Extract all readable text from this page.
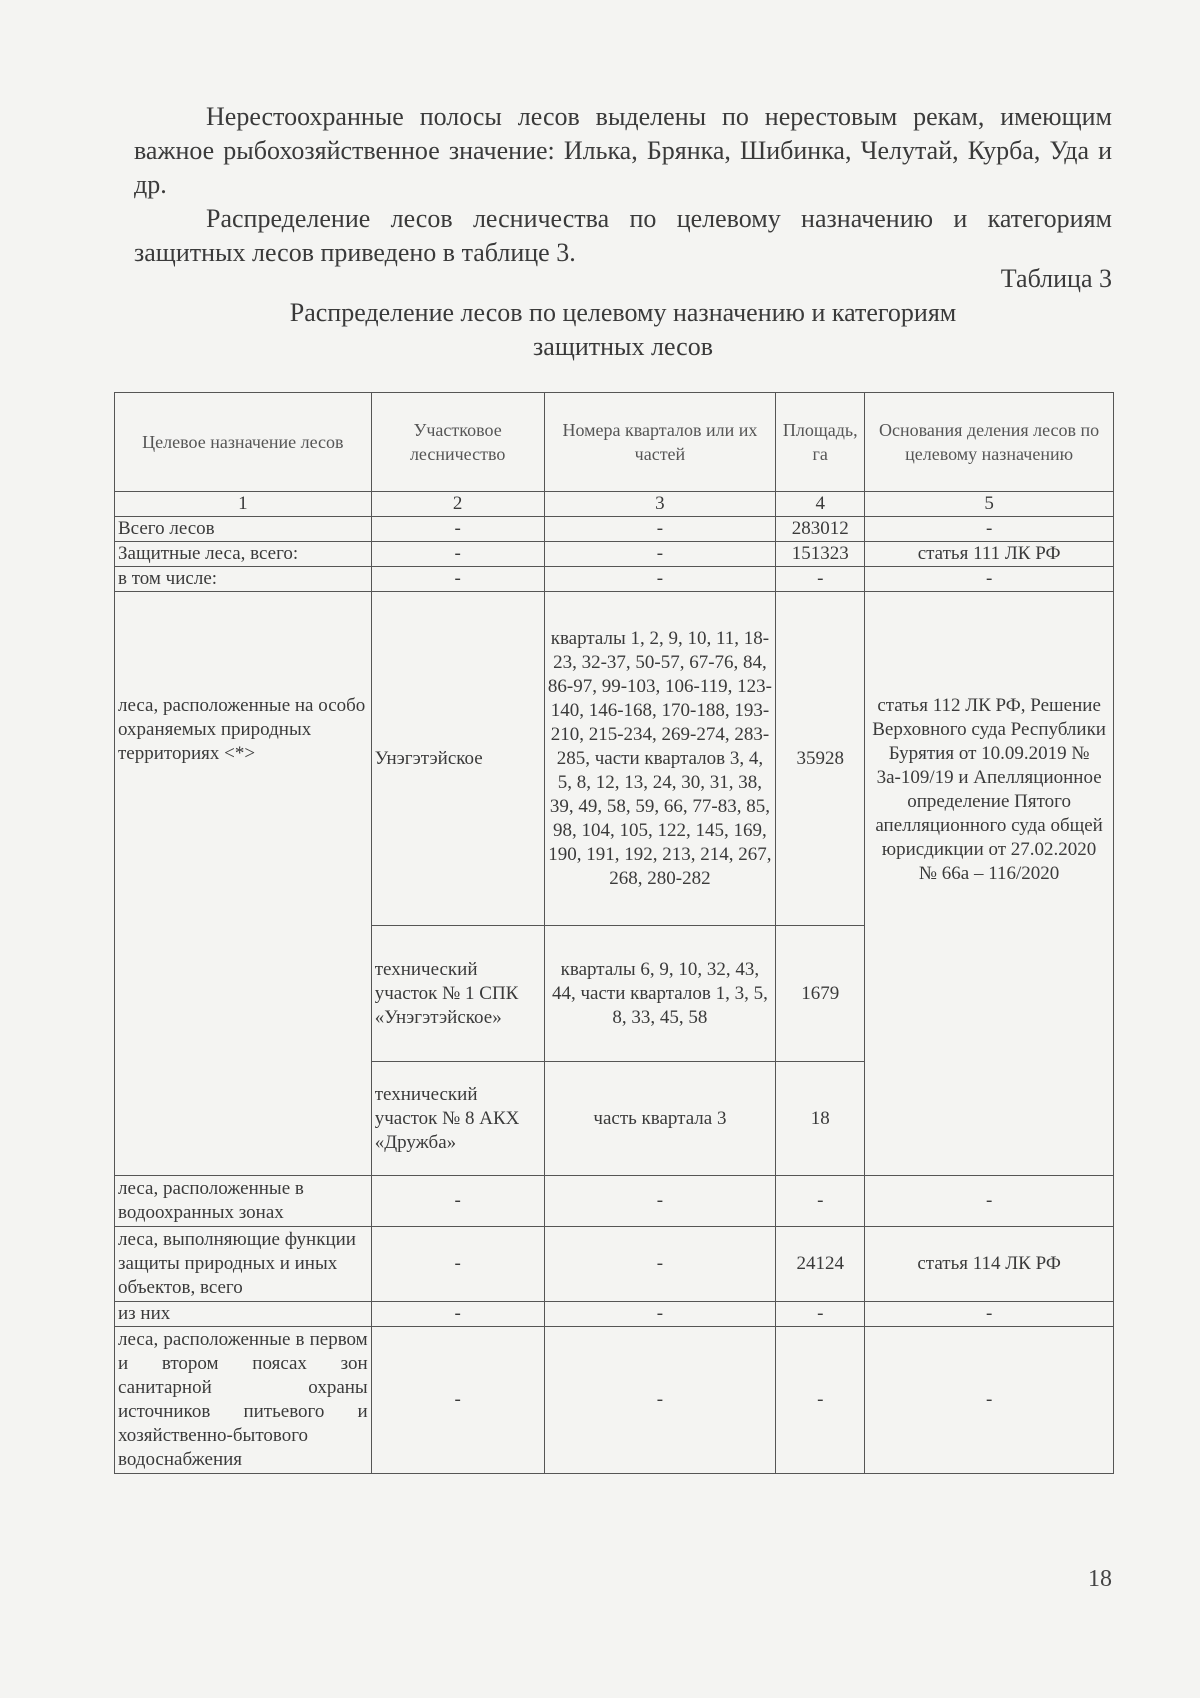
Нерестоохранные полосы лесов выделены по нерестовым рекам, имеющим важное рыбохозяйственное значение: Илька, Брянка, Шибинка, Челутай, Курба, Уда и др.

Распределение лесов лесничества по целевому назначению и категориям защитных лесов приведено в таблице 3.

Таблица 3
Распределение лесов по целевому назначению и категориям
защитных лесов
Целевое назначение лесов	Участковое лесничество	Номера кварталов или их частей	Площадь, га	Основания деления лесов по целевому назначению
1	2	3	4	5
Всего лесов	-	-	283012	-
Защитные леса, всего:	-	-	151323	статья 111 ЛК РФ
в том числе:	-	-	-	-
леса, расположенные на особо охраняемых природных территориях <*>	Унэгэтэйское	кварталы 1, 2, 9, 10, 11, 18-23, 32-37, 50-57, 67-76, 84, 86-97, 99-103, 106-119, 123-140, 146-168, 170-188, 193-210, 215-234, 269-274, 283-285, части кварталов 3, 4, 5, 8, 12, 13, 24, 30, 31, 38, 39, 49, 58, 59, 66, 77-83, 85, 98, 104, 105, 122, 145, 169, 190, 191, 192, 213, 214, 267, 268, 280-282	35928	статья 112 ЛК РФ, Решение Верховного суда Республики Бурятия от 10.09.2019 № 3а-109/19 и Апелляционное определение Пятого апелляционного суда общей юрисдикции от 27.02.2020 № 66а – 116/2020
	технический участок № 1 СПК «Унэгэтэйское»	кварталы 6, 9, 10, 32, 43, 44, части кварталов 1, 3, 5, 8, 33, 45, 58	1679	
	технический участок № 8 АКХ «Дружба»	часть квартала 3	18	
леса, расположенные в водоохранных зонах	-	-	-	-
леса, выполняющие функции защиты природных и иных объектов, всего	-	-	24124	статья 114 ЛК РФ
из них	-	-	-	-
леса, расположенные в первом и втором поясах зон санитарной охраны источников питьевого и хозяйственно-бытового водоснабжения	-	-	-	-
18
